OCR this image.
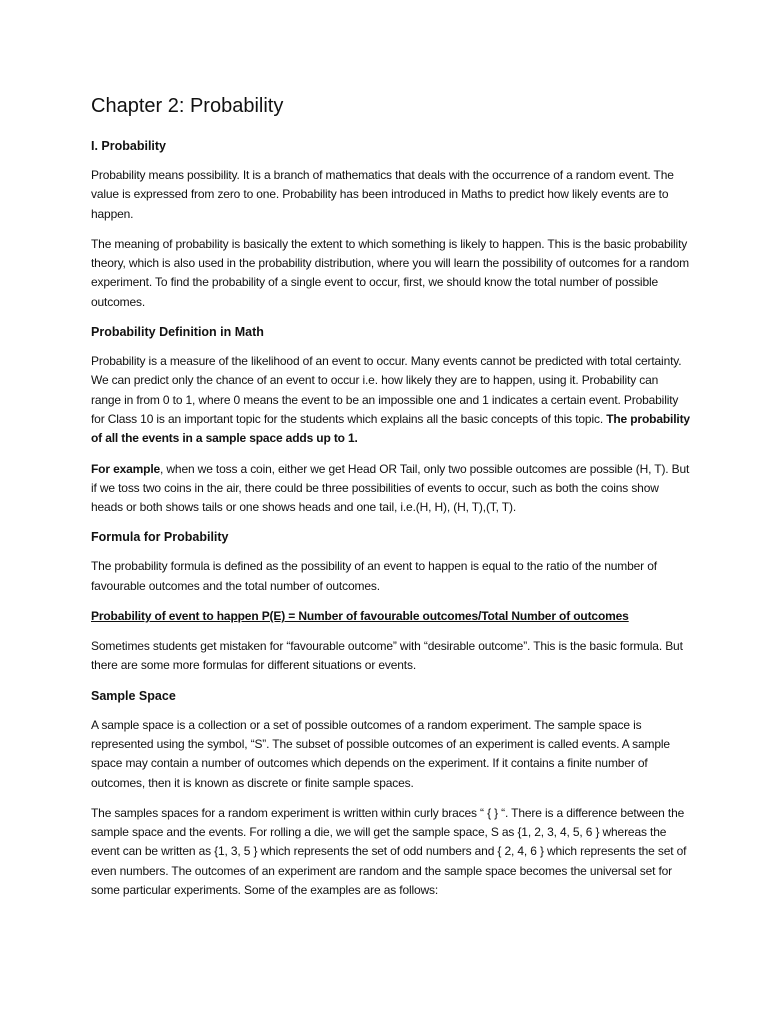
Chapter 2: Probability
I. Probability

Probability means possibility. It is a branch of mathematics that deals with the occurrence of a random event. The value is expressed from zero to one. Probability has been introduced in Maths to predict how likely events are to happen.

The meaning of probability is basically the extent to which something is likely to happen. This is the basic probability theory, which is also used in the probability distribution, where you will learn the possibility of outcomes for a random experiment. To find the probability of a single event to occur, first, we should know the total number of possible outcomes.

Probability Definition in Math

Probability is a measure of the likelihood of an event to occur. Many events cannot be predicted with total certainty. We can predict only the chance of an event to occur i.e. how likely they are to happen, using it. Probability can range in from 0 to 1, where 0 means the event to be an impossible one and 1 indicates a certain event. Probability for Class 10 is an important topic for the students which explains all the basic concepts of this topic. The probability of all the events in a sample space adds up to 1.

For example, when we toss a coin, either we get Head OR Tail, only two possible outcomes are possible (H, T). But if we toss two coins in the air, there could be three possibilities of events to occur, such as both the coins show heads or both shows tails or one shows heads and one tail, i.e.(H, H), (H, T),(T, T).

Formula for Probability

The probability formula is defined as the possibility of an event to happen is equal to the ratio of the number of favourable outcomes and the total number of outcomes.

Probability of event to happen P(E) = Number of favourable outcomes/Total Number of outcomes

Sometimes students get mistaken for “favourable outcome” with “desirable outcome”. This is the basic formula. But there are some more formulas for different situations or events.

Sample Space

A sample space is a collection or a set of possible outcomes of a random experiment. The sample space is represented using the symbol, “S”. The subset of possible outcomes of an experiment is called events. A sample space may contain a number of outcomes which depends on the experiment. If it contains a finite number of outcomes, then it is known as discrete or finite sample spaces.

The samples spaces for a random experiment is written within curly braces “ { } “. There is a difference between the sample space and the events. For rolling a die, we will get the sample space, S as {1, 2, 3, 4, 5, 6 } whereas the event can be written as {1, 3, 5 } which represents the set of odd numbers and { 2, 4, 6 } which represents the set of even numbers. The outcomes of an experiment are random and the sample space becomes the universal set for some particular experiments. Some of the examples are as follows:
